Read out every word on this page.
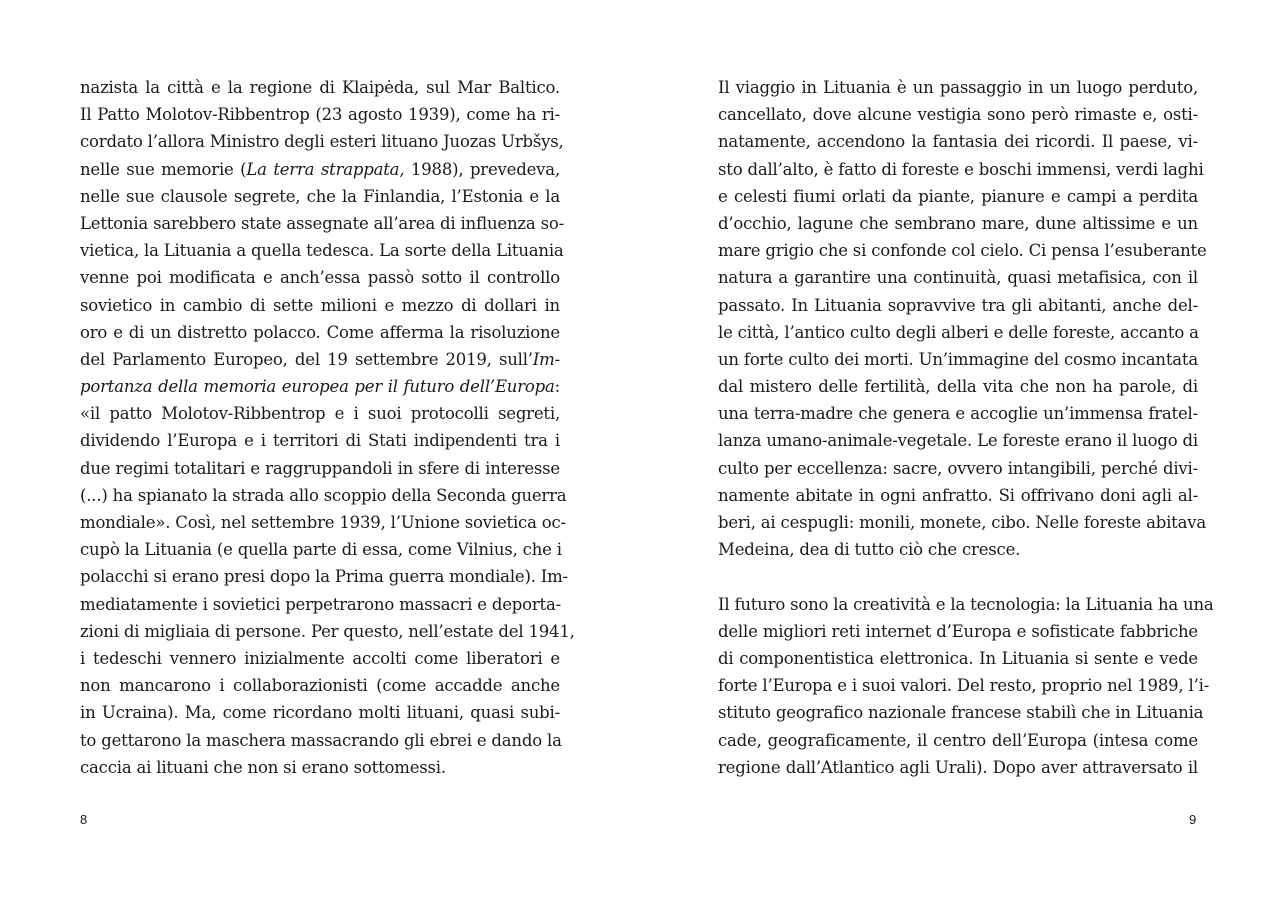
nazista la città e la regione di Klaipėda, sul Mar Baltico.
Il Patto Molotov-Ribbentrop (23 agosto 1939), come ha ri-
cordato l’allora Ministro degli esteri lituano Juozas Urbšys,
nelle sue memorie (La terra strappata, 1988), prevedeva,
nelle sue clausole segrete, che la Finlandia, l’Estonia e la
Lettonia sarebbero state assegnate all’area di influenza so-
vietica, la Lituania a quella tedesca. La sorte della Lituania
venne poi modificata e anch’essa passò sotto il controllo
sovietico in cambio di sette milioni e mezzo di dollari in
oro e di un distretto polacco. Come afferma la risoluzione
del Parlamento Europeo, del 19 settembre 2019, sull’Im-
portanza della memoria europea per il futuro dell’Europa:
«il patto Molotov-Ribbentrop e i suoi protocolli segreti,
dividendo l’Europa e i territori di Stati indipendenti tra i
due regimi totalitari e raggruppandoli in sfere di interesse
(...) ha spianato la strada allo scoppio della Seconda guerra
mondiale». Così, nel settembre 1939, l’Unione sovietica oc-
cupò la Lituania (e quella parte di essa, come Vilnius, che i
polacchi si erano presi dopo la Prima guerra mondiale). Im-
mediatamente i sovietici perpetrarono massacri e deporta-
zioni di migliaia di persone. Per questo, nell’estate del 1941,
i tedeschi vennero inizialmente accolti come liberatori e
non mancarono i collaborazionisti (come accadde anche
in Ucraina). Ma, come ricordano molti lituani, quasi subi-
to gettarono la maschera massacrando gli ebrei e dando la
caccia ai lituani che non si erano sottomessi.
Il viaggio in Lituania è un passaggio in un luogo perduto,
cancellato, dove alcune vestigia sono però rimaste e, osti-
natamente, accendono la fantasia dei ricordi. Il paese, vi-
sto dall’alto, è fatto di foreste e boschi immensi, verdi laghi
e celesti fiumi orlati da piante, pianure e campi a perdita
d’occhio, lagune che sembrano mare, dune altissime e un
mare grigio che si confonde col cielo. Ci pensa l’esuberante
natura a garantire una continuità, quasi metafisica, con il
passato. In Lituania sopravvive tra gli abitanti, anche del-
le città, l’antico culto degli alberi e delle foreste, accanto a
un forte culto dei morti. Un’immagine del cosmo incantata
dal mistero delle fertilità, della vita che non ha parole, di
una terra-madre che genera e accoglie un’immensa fratel-
lanza umano-animale-vegetale. Le foreste erano il luogo di
culto per eccellenza: sacre, ovvero intangibili, perché divi-
namente abitate in ogni anfratto. Si offrivano doni agli al-
beri, ai cespugli: monili, monete, cibo. Nelle foreste abitava
Medeina, dea di tutto ciò che cresce.
Il futuro sono la creatività e la tecnologia: la Lituania ha una
delle migliori reti internet d’Europa e sofisticate fabbriche
di componentistica elettronica. In Lituania si sente e vede
forte l’Europa e i suoi valori. Del resto, proprio nel 1989, l’i-
stituto geografico nazionale francese stabilì che in Lituania
cade, geograficamente, il centro dell’Europa (intesa come
regione dall’Atlantico agli Urali). Dopo aver attraversato il
8	9
